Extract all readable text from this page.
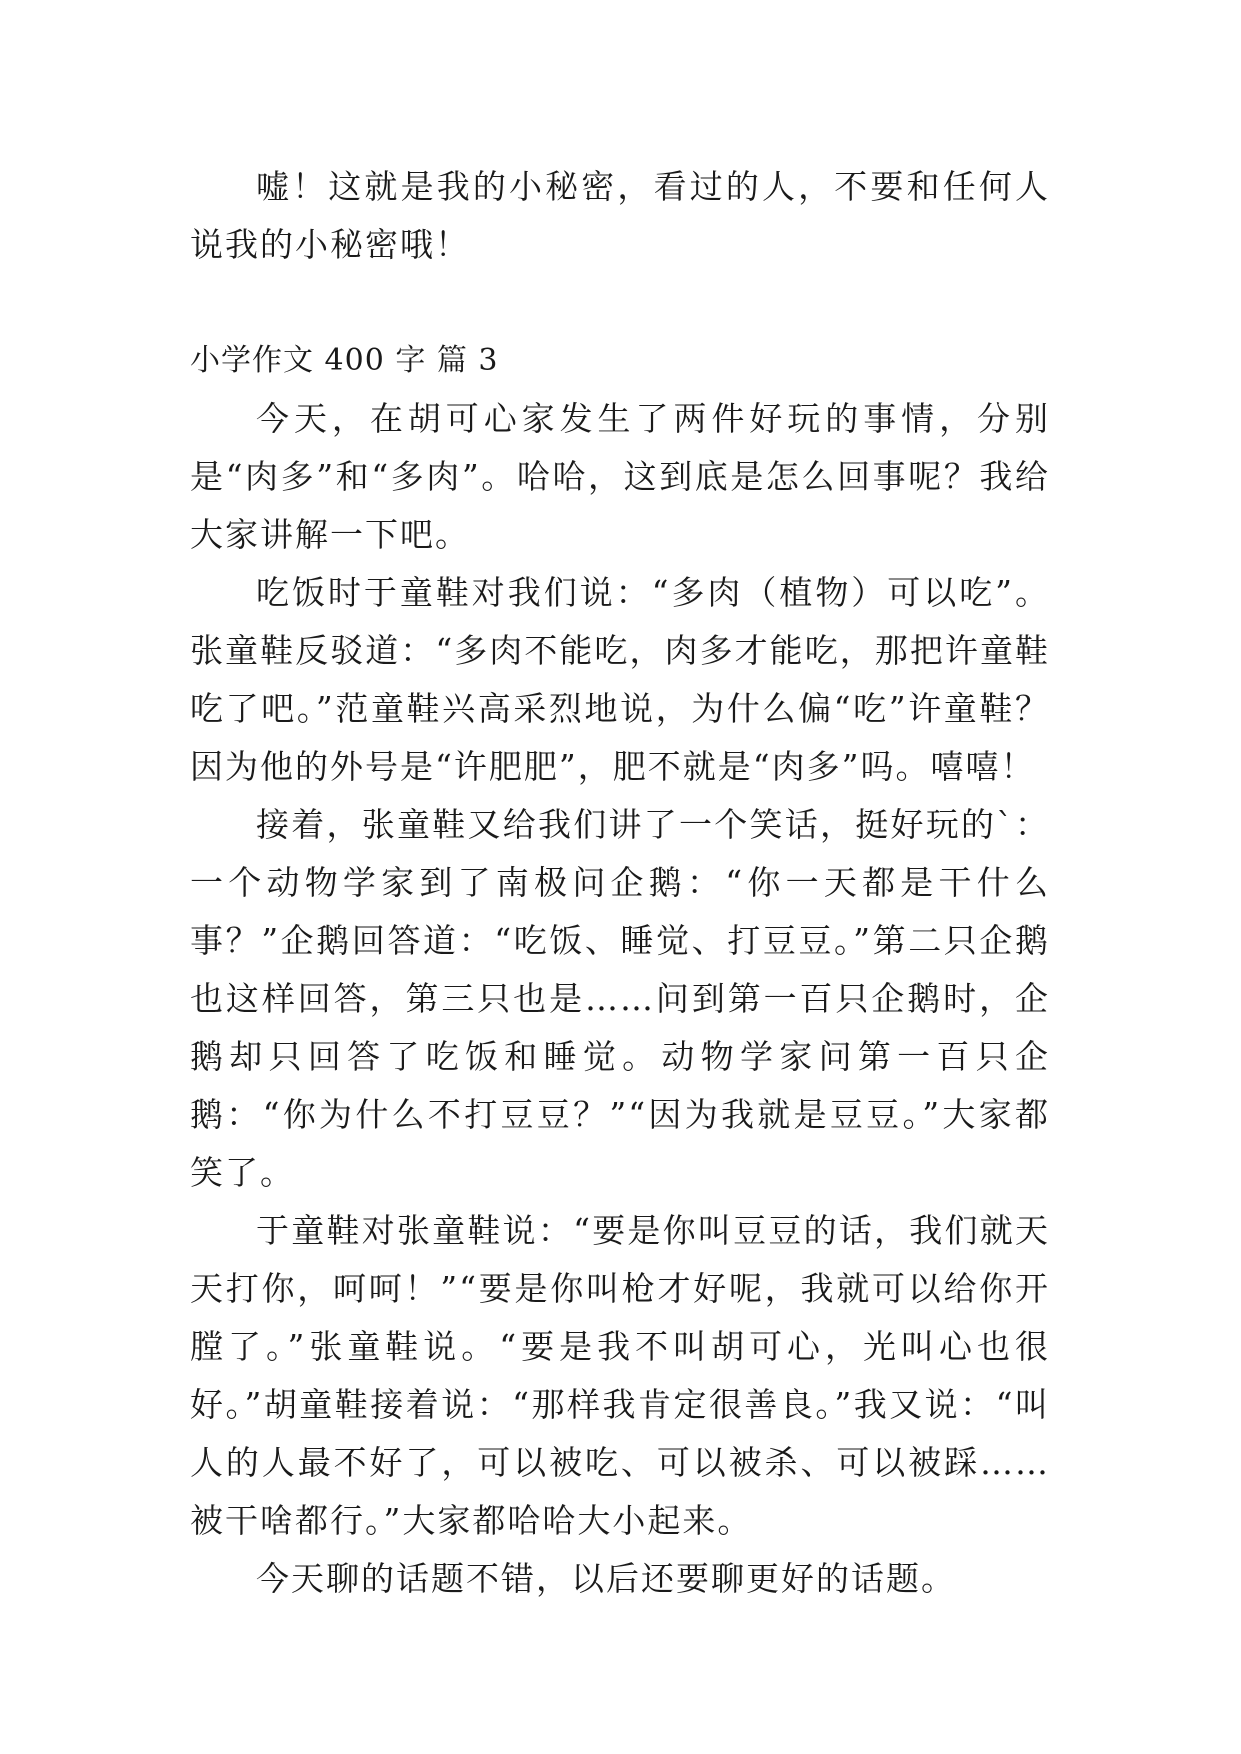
嘘！这就是我的小秘密，看过的人，不要和任何人说我的小秘密哦！

小学作文 400 字 篇 3

今天，在胡可心家发生了两件好玩的事情，分别是“肉多”和“多肉”。哈哈，这到底是怎么回事呢？我给大家讲解一下吧。

吃饭时于童鞋对我们说：“多肉（植物）可以吃”。张童鞋反驳道：“多肉不能吃，肉多才能吃，那把许童鞋吃了吧。”范童鞋兴高采烈地说，为什么偏“吃”许童鞋？因为他的外号是“许肥肥”，肥不就是“肉多”吗。嘻嘻！

接着，张童鞋又给我们讲了一个笑话，挺好玩的`：一个动物学家到了南极问企鹅：“你一天都是干什么事？”企鹅回答道：“吃饭、睡觉、打豆豆。”第二只企鹅也这样回答，第三只也是……问到第一百只企鹅时，企鹅却只回答了吃饭和睡觉。动物学家问第一百只企鹅：“你为什么不打豆豆？”“因为我就是豆豆。”大家都笑了。

于童鞋对张童鞋说：“要是你叫豆豆的话，我们就天天打你，呵呵！”“要是你叫枪才好呢，我就可以给你开膛了。”张童鞋说。“要是我不叫胡可心，光叫心也很好。”胡童鞋接着说：“那样我肯定很善良。”我又说：“叫人的人最不好了，可以被吃、可以被杀、可以被踩……被干啥都行。”大家都哈哈大小起来。

今天聊的话题不错，以后还要聊更好的话题。
